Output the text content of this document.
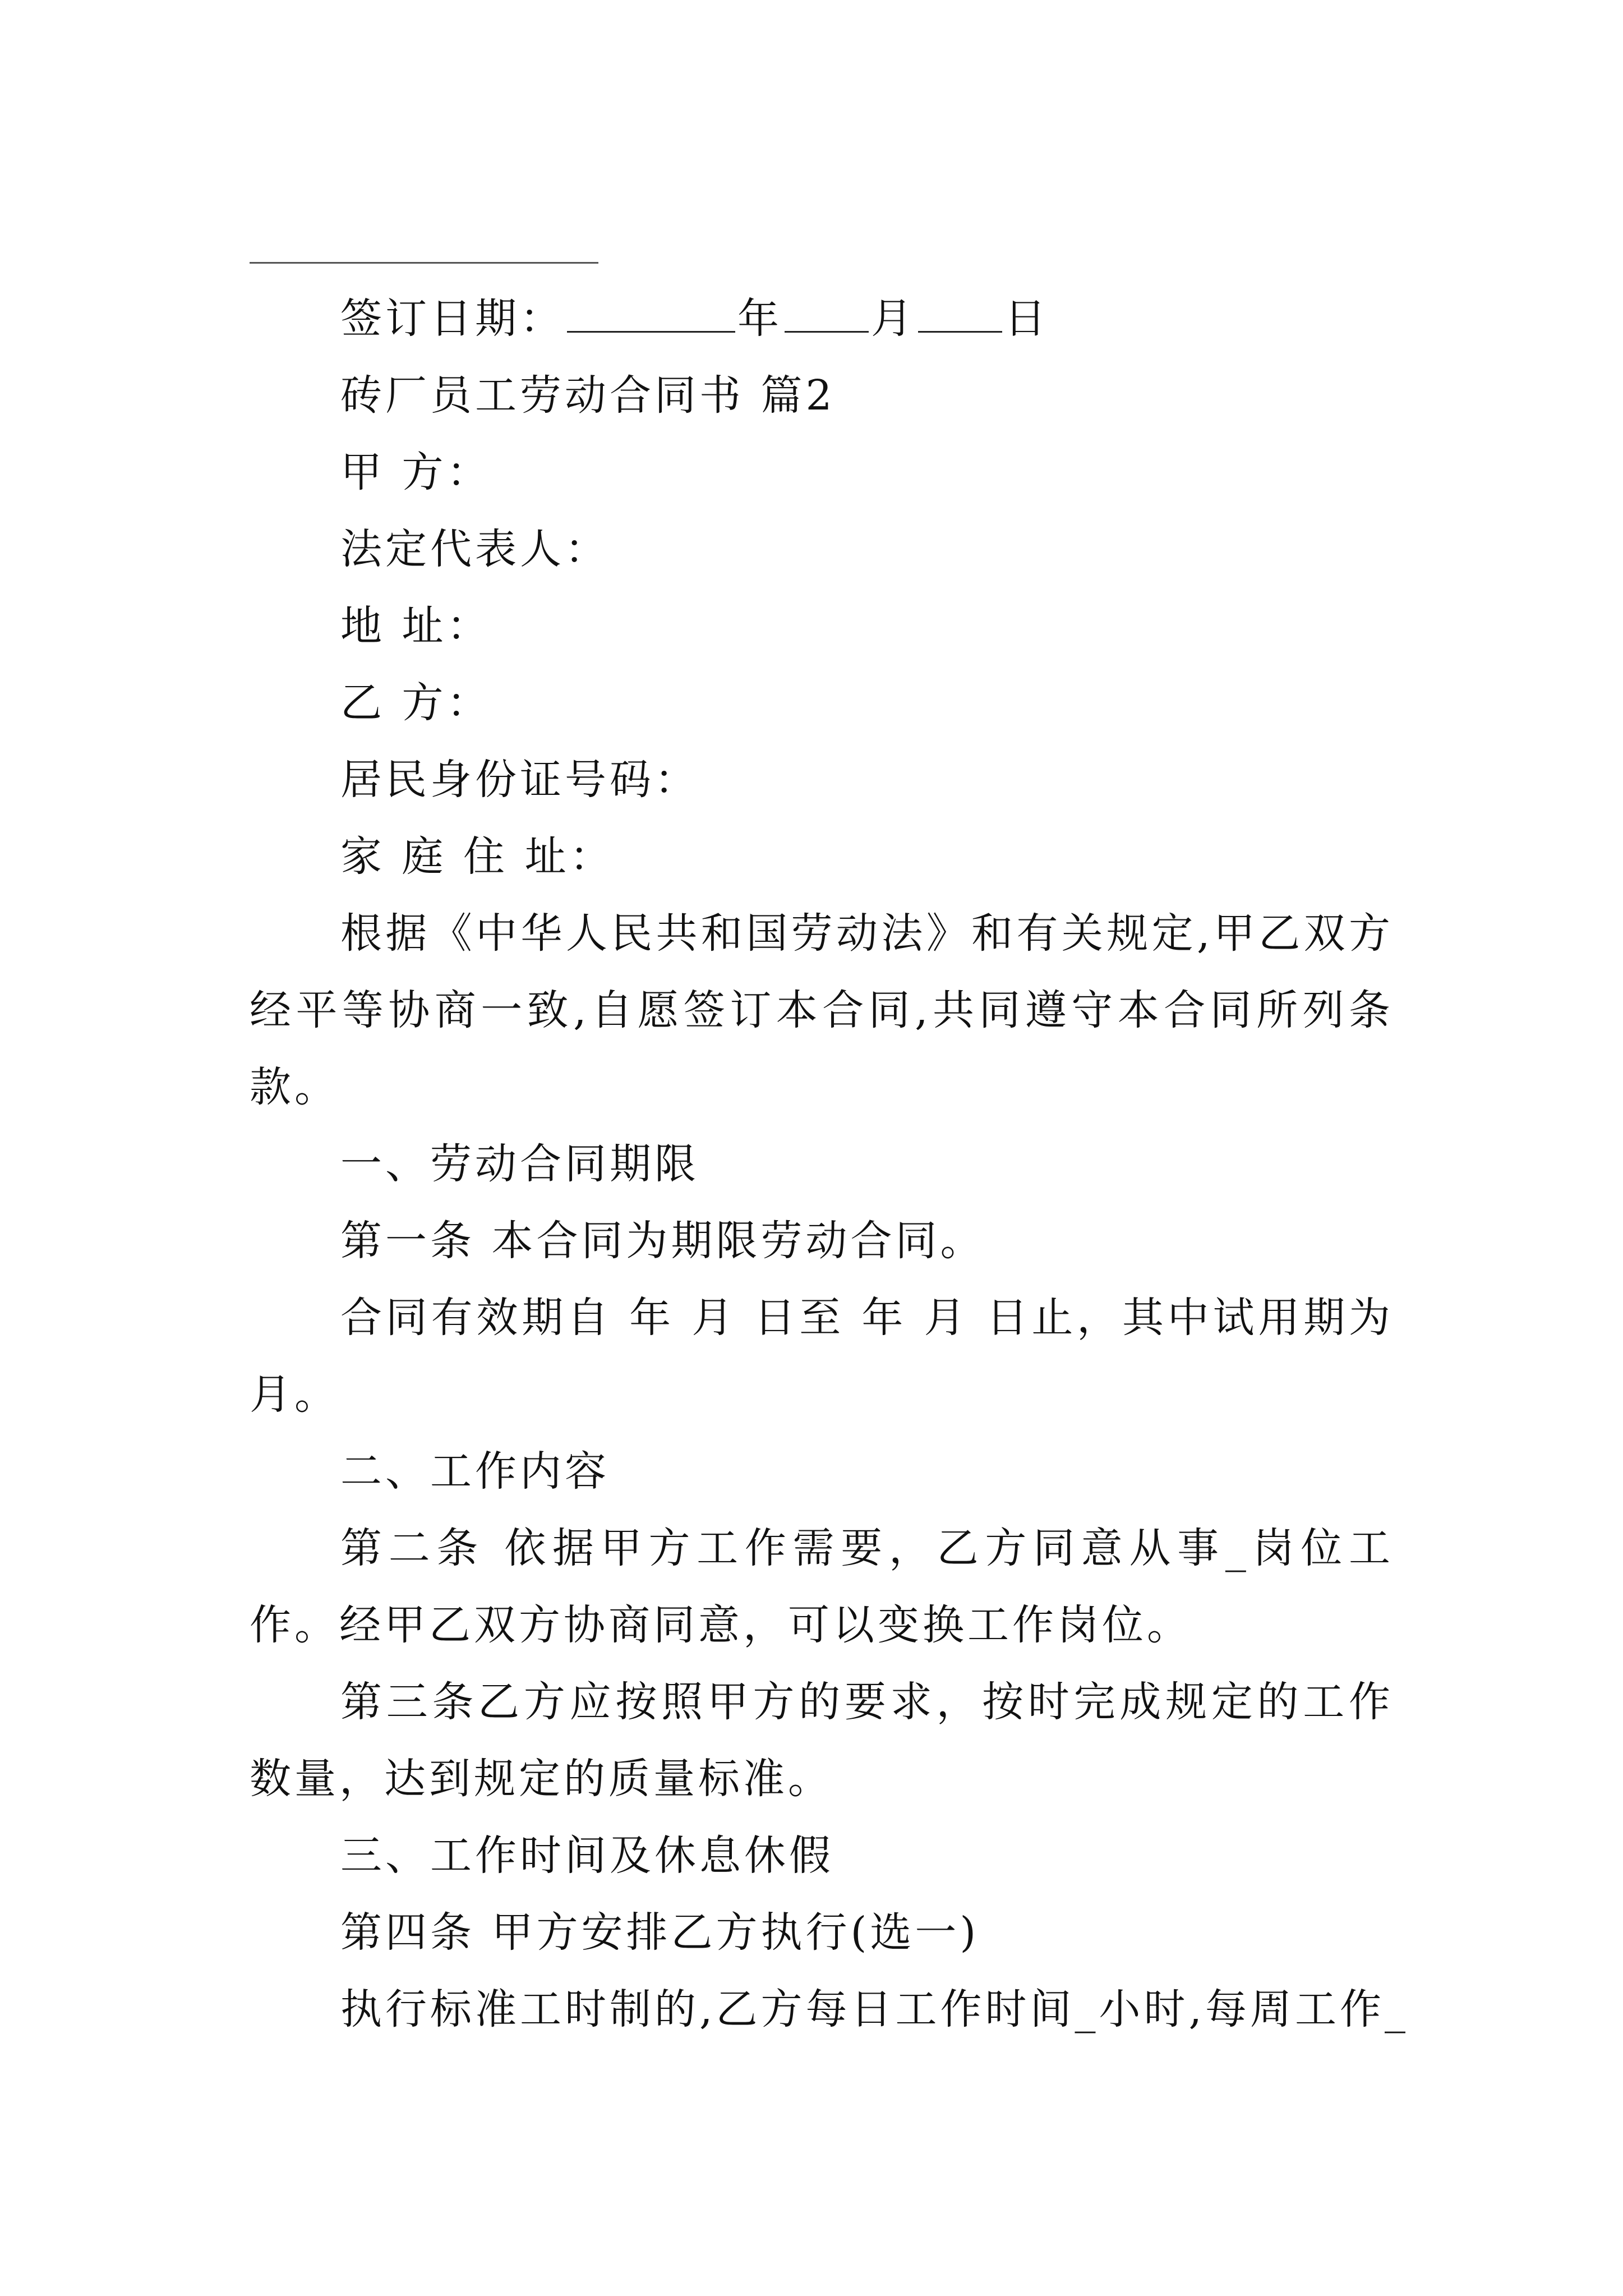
签订日期：	年 月 日

砖厂员工劳动合同书 篇2

甲 方：

法定代表人：

地 址：

乙 方：

居民身份证号码：

家 庭 住 址：

根据《中华人民共和国劳动法》和有关规定,甲乙双方经平等协商一致,自愿签订本合同,共同遵守本合同所列条款。

一、劳动合同期限

第一条 本合同为期限劳动合同。

合同有效期自 年 月 日至 年 月 日止，其中试用期为月。

二、工作内容

第二条 依据甲方工作需要，乙方同意从事_岗位工作。经甲乙双方协商同意，可以变换工作岗位。

第三条乙方应按照甲方的要求，按时完成规定的工作数量，达到规定的质量标准。

三、工作时间及休息休假

第四条 甲方安排乙方执行(选一)

执行标准工时制的,乙方每日工作时间_小时,每周工作_
